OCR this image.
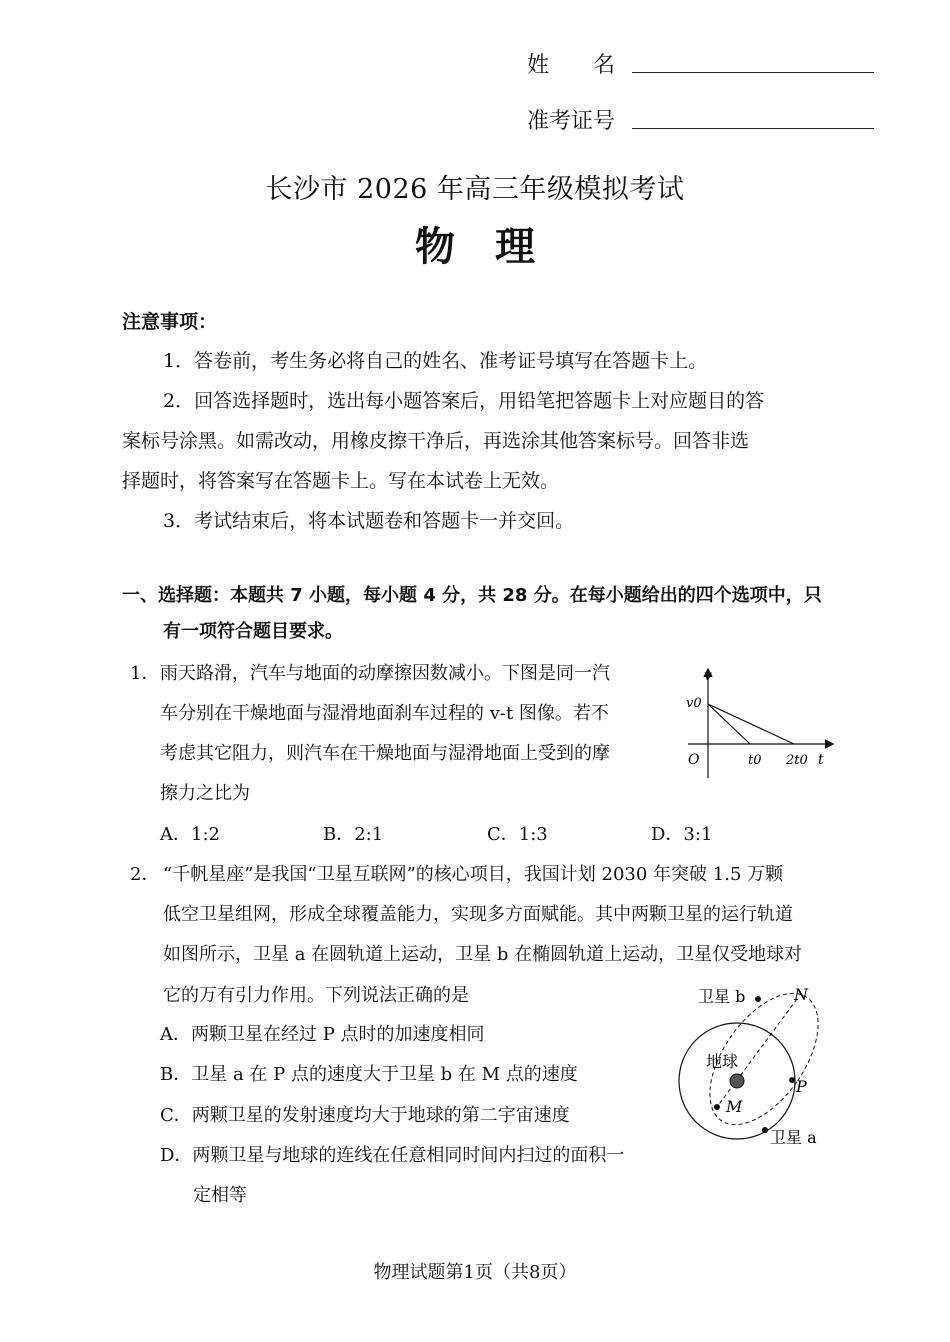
姓　　名
准考证号
长沙市 2026 年高三年级模拟考试
物　理
注意事项：
1．答卷前，考生务必将自己的姓名、准考证号填写在答题卡上。
2．回答选择题时，选出每小题答案后，用铅笔把答题卡上对应题目的答
案标号涂黑。如需改动，用橡皮擦干净后，再选涂其他答案标号。回答非选
择题时，将答案写在答题卡上。写在本试卷上无效。
3．考试结束后，将本试题卷和答题卡一并交回。
一、选择题：本题共 7 小题，每小题 4 分，共 28 分。在每小题给出的四个选项中，只
有一项符合题目要求。
1． 雨天路滑，汽车与地面的动摩擦因数减小。下图是同一汽
车分别在干燥地面与湿滑地面刹车过程的 v-t 图像。若不
考虑其它阻力，则汽车在干燥地面与湿滑地面上受到的摩
擦力之比为
A．1:2	B．2:1	C．1:3	D．3:1
v
v0
O	t0 2t0 t
2． “千帆星座”是我国“卫星互联网”的核心项目，我国计划 2030 年突破 1.5 万颗
低空卫星组网，形成全球覆盖能力，实现多方面赋能。其中两颗卫星的运行轨道
如图所示，卫星 a 在圆轨道上运动，卫星 b 在椭圆轨道上运动，卫星仅受地球对
它的万有引力作用。下列说法正确的是
A．两颗卫星在经过 P 点时的加速度相同
B．卫星 a 在 P 点的速度大于卫星 b 在 M 点的速度
C．两颗卫星的发射速度均大于地球的第二宇宙速度
D．两颗卫星与地球的连线在任意相同时间内扫过的面积一
定相等
卫星 b	N
地球
P
M
卫星 a
物理试题第1页（共8页）
